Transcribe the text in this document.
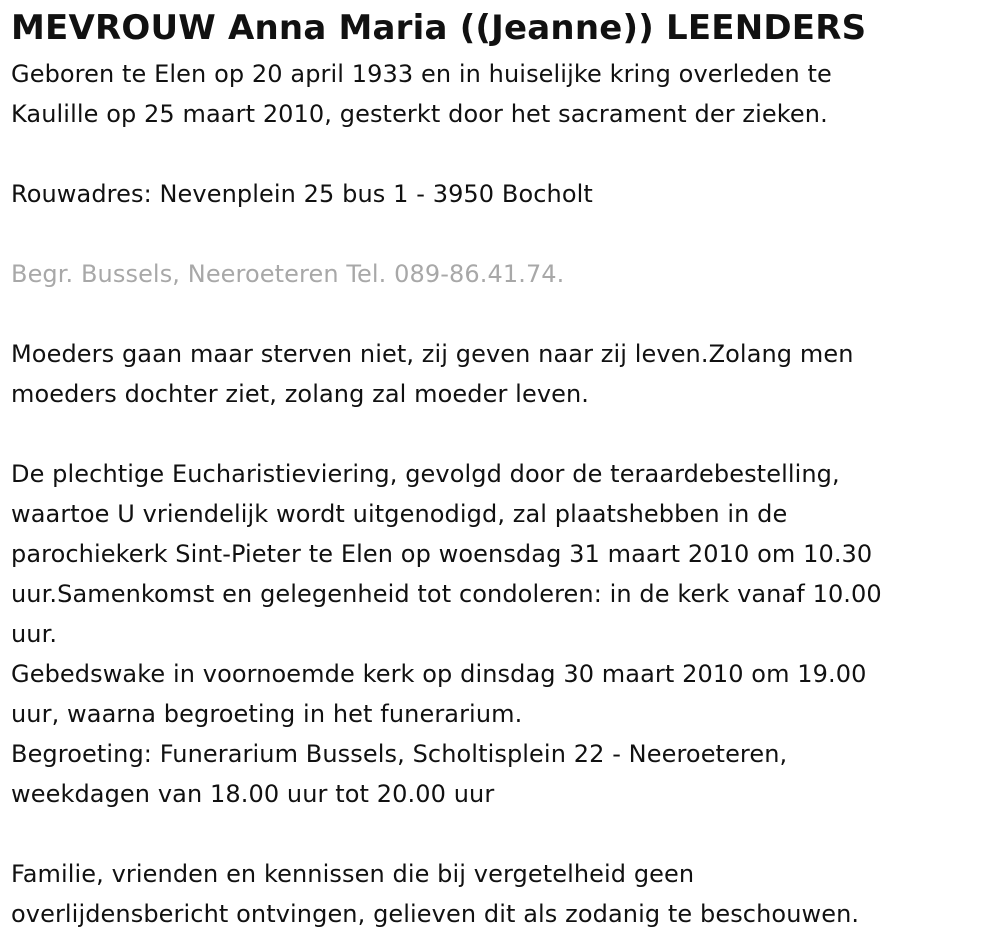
MEVROUW Anna Maria ((Jeanne)) LEENDERS

Geboren te Elen op 20 april 1933 en in huiselijke kring overleden te
Kaulille op 25 maart 2010, gesterkt door het sacrament der zieken.

Rouwadres: Nevenplein 25 bus 1 - 3950 Bocholt

Begr. Bussels, Neeroeteren Tel. 089-86.41.74.

Moeders gaan maar sterven niet, zij geven naar zij leven.Zolang men
moeders dochter ziet, zolang zal moeder leven.

De plechtige Eucharistieviering, gevolgd door de teraardebestelling,
waartoe U vriendelijk wordt uitgenodigd, zal plaatshebben in de
parochiekerk Sint-Pieter te Elen op woensdag 31 maart 2010 om 10.30
uur.Samenkomst en gelegenheid tot condoleren: in de kerk vanaf 10.00
uur.
Gebedswake in voornoemde kerk op dinsdag 30 maart 2010 om 19.00
uur, waarna begroeting in het funerarium.
Begroeting: Funerarium Bussels, Scholtisplein 22 - Neeroeteren,
weekdagen van 18.00 uur tot 20.00 uur

Familie, vrienden en kennissen die bij vergetelheid geen
overlijdensbericht ontvingen, gelieven dit als zodanig te beschouwen.
